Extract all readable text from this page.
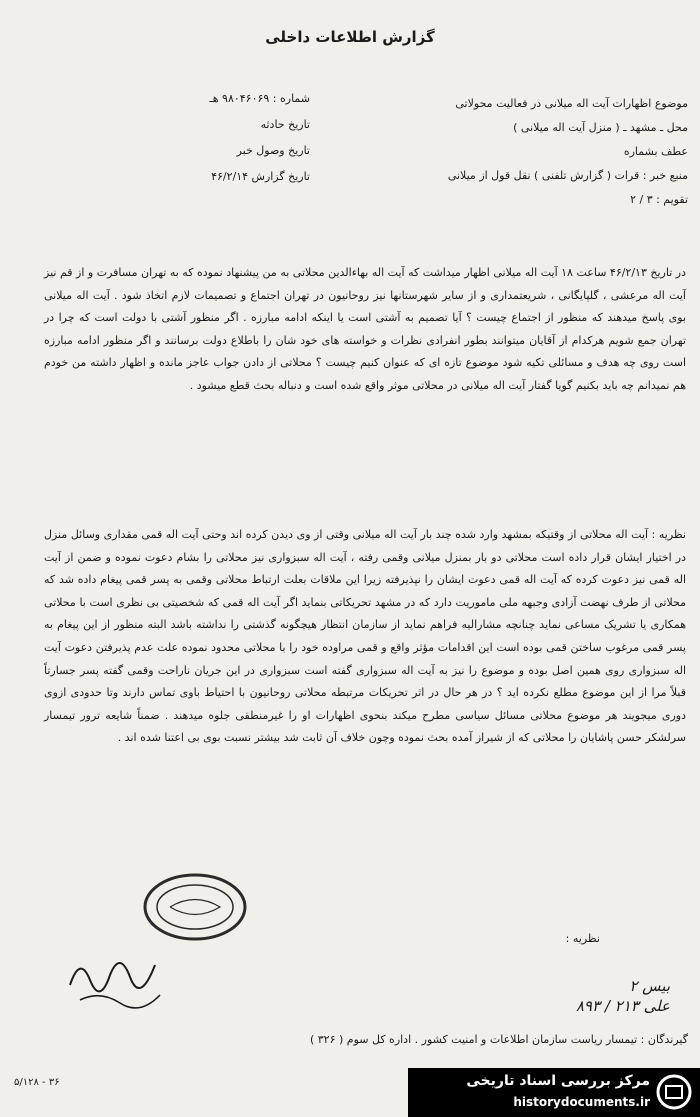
گزارش اطلاعات داخلی
موضوع اظهارات آیت اله میلانی در فعالیت محولاتی
محل ـ مشهد ـ ( منزل آیت اله میلانی )
عطف بشماره
منبع خبر : قرات ( گزارش تلفنی ) نقل قول از میلانی
تقویم : ۳ / ۲
شماره : ۹۸۰۴۶۰۶۹ هـ
تاریخ حادثه
تاریخ وصول خبر
تاریخ گزارش ۴۶/۲/۱۴

در تاریخ ۴۶/۲/۱۳ ساعت ۱۸ آیت اله میلانی اظهار میداشت که آیت اله بهاءالدین محلاتی به من پیشنهاد نموده که به تهران مسافرت و از قم نیز آیت اله مرعشی ، گلپایگانی ، شریعتمداری و از سایر شهرستانها نیز روحانیون در تهران اجتماع و تصمیمات لازم اتخاذ شود . آیت اله میلانی بوی پاسخ میدهند که منظور از اجتماع چیست ؟ آیا تصمیم به آشتی است یا اینکه ادامه مبارزه . اگر منظور آشتی با دولت است که چرا در تهران جمع شویم هرکدام از آقایان میتوانند بطور انفرادی نظرات و خواسته های خود شان را باطلاع دولت برسانند و اگر منظور ادامه مبارزه است روی چه هدف و مسائلی تکیه شود موضوع تازه ای که عنوان کنیم چیست ؟ محلاتی از دادن جواب عاجز مانده و اظهار داشته من خودم هم نمیدانم چه باید بکنیم گویا گفتار آیت اله میلانی در محلاتی موثر واقع شده است و دنباله بحث قطع میشود .

نظریه : آیت اله محلاتی از وقتیکه بمشهد وارد شده چند بار آیت اله میلانی وقتی از وی دیدن کرده اند وحتی آیت اله قمی مقداری وسائل منزل در اختیار ایشان قرار داده است محلاتی دو بار بمنزل میلانی وقمی رفته ، آیت اله سبزواری نیز محلاتی را بشام دعوت نموده و ضمن از آیت اله قمی نیز دعوت کرده که آیت اله قمی دعوت ایشان را نپذیرفته زیرا این ملاقات بعلت ارتباط محلاتی وقمی به پسر قمی پیغام داده شد که محلاتی از طرف نهضت آزادی وجبهه ملی ماموریت دارد که در مشهد تحریکاتی بنماید اگر آیت اله قمی که شخصیتی بی نظری است با محلاتی همکاری یا تشریک مساعی نماید چنانچه مشارالیه فراهم نماید از سازمان انتظار هیچگونه گذشتی را نداشته باشد البته منظور از این پیغام به پسر قمی مرغوب ساختن قمی بوده است این اقدامات مؤثر واقع و قمی مراوده خود را با محلاتی محدود نموده علت عدم پذیرفتن دعوت آیت اله سبزواری روی همین اصل بوده و موضوع را نیز به آیت اله سبزواری گفته است سبزواری در این جریان ناراحت وقمی گفته پسر جسارتاً قبلاً مرا از این موضوع مطلع نکرده اید ؟ در هر حال در اثر تحریکات مرتبطه محلاتی روحانیون با احتیاط باوی تماس دارند وتا حدودی ازوی دوری میجویند هر موضوع محلاتی مسائل سیاسی مطرح میکند بنحوی اظهارات او را غیرمنطقی جلوه میدهند . ضمناً شایعه ترور تیمسار سرلشکر حسن پاشایان را محلاتی که از شیراز آمده بحث نموده وچون خلاف آن ثابت شد بیشتر نسبت بوی بی اعتنا شده اند .

نظریه :
۲ بیس
۸۹۳ / ۲۱۳ علی
گیرندگان : تیمسار ریاست سازمان اطلاعات و امنیت کشور . اداره کل سوم ( ۳۲۶ )
۵/۱۲۸ - ۳۶	مرکز بررسی اسناد تاریخی
historydocuments.ir
